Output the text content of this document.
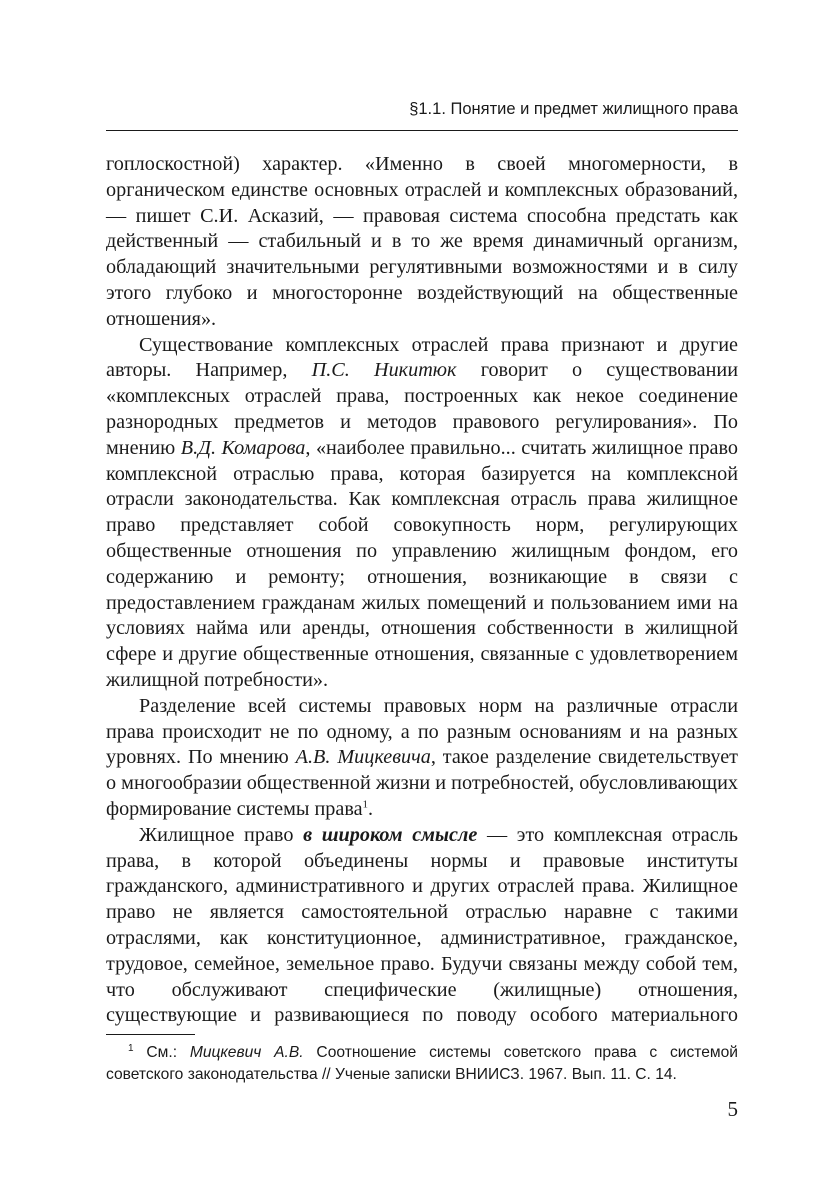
§1.1. Понятие и предмет жилищного права

гоплоскостной) характер. «Именно в своей многомерности, в органическом единстве основных отраслей и комплексных образований, — пишет С.И. Асказий, — правовая система способна предстать как действенный — стабильный и в то же время динамичный организм, обладающий значительными регулятивными возможностями и в силу этого глубоко и многосторонне воздействующий на общественные отношения».

Существование комплексных отраслей права признают и другие авторы. Например, П.С. Никитюк говорит о существовании «комплексных отраслей права, построенных как некое соединение разнородных предметов и методов правового регулирования». По мнению В.Д. Комарова, «наиболее правильно... считать жилищное право комплексной отраслью права, которая базируется на комплексной отрасли законодательства. Как комплексная отрасль права жилищное право представляет собой совокупность норм, регулирующих общественные отношения по управлению жилищным фондом, его содержанию и ремонту; отношения, возникающие в связи с предоставлением гражданам жилых помещений и пользованием ими на условиях найма или аренды, отношения собственности в жилищной сфере и другие общественные отношения, связанные с удовлетворением жилищной потребности».

Разделение всей системы правовых норм на различные отрасли права происходит не по одному, а по разным основаниям и на разных уровнях. По мнению А.В. Мицкевича, такое разделение свидетельствует о многообразии общественной жизни и потребностей, обусловливающих формирование системы права$^1$.

Жилищное право в широком смысле — это комплексная отрасль права, в которой объединены нормы и правовые институты гражданского, административного и других отраслей права. Жилищное право не является самостоятельной отраслью наравне с такими отраслями, как конституционное, административное, гражданское, трудовое, семейное, земельное право. Будучи связаны между собой тем, что обслуживают специфические (жилищные) отношения, существующие и развивающиеся по поводу особого материального

$^1$ См.: Мицкевич А.В. Соотношение системы советского права с системой советского законодательства // Ученые записки ВНИИСЗ. 1967. Вып. 11. С. 14.
5
